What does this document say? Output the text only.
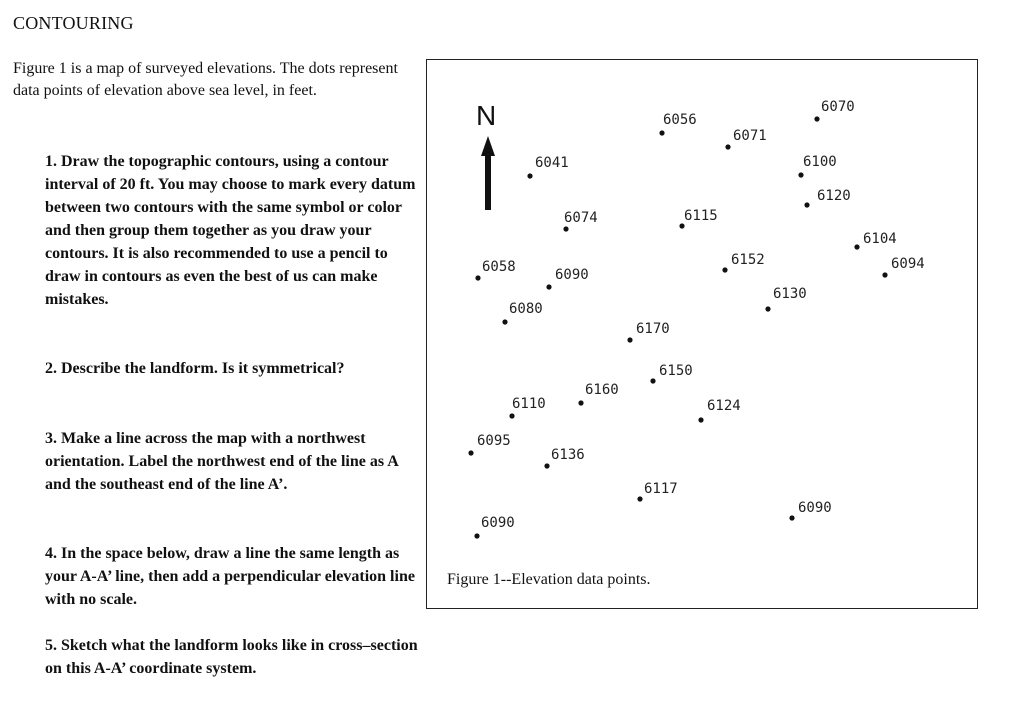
CONTOURING
Figure 1 is a map of surveyed elevations. The dots represent data points of elevation above sea level, in feet.
1. Draw the topographic contours, using a contour interval of 20 ft. You may choose to mark every datum between two contours with the same symbol or color and then group them together as you draw your contours. It is also recommended to use a pencil to draw in contours as even the best of us can make mistakes.
2. Describe the landform. Is it symmetrical?
3. Make a line across the map with a northwest orientation. Label the northwest end of the line as A and the southeast end of the line A’.
4. In the space below, draw a line the same length as your A-A’ line, then add a perpendicular elevation line with no scale.
5. Sketch what the landform looks like in cross–section on this A-A’ coordinate system.
6056
6070
6071
6041	6100
6120
6074	6115
6104
6058	6090
6152	6094
6130
6080
6170
6150
6110
6160
6124
6095
6136
6117
6090
6090
N
Figure 1--Elevation data points.
